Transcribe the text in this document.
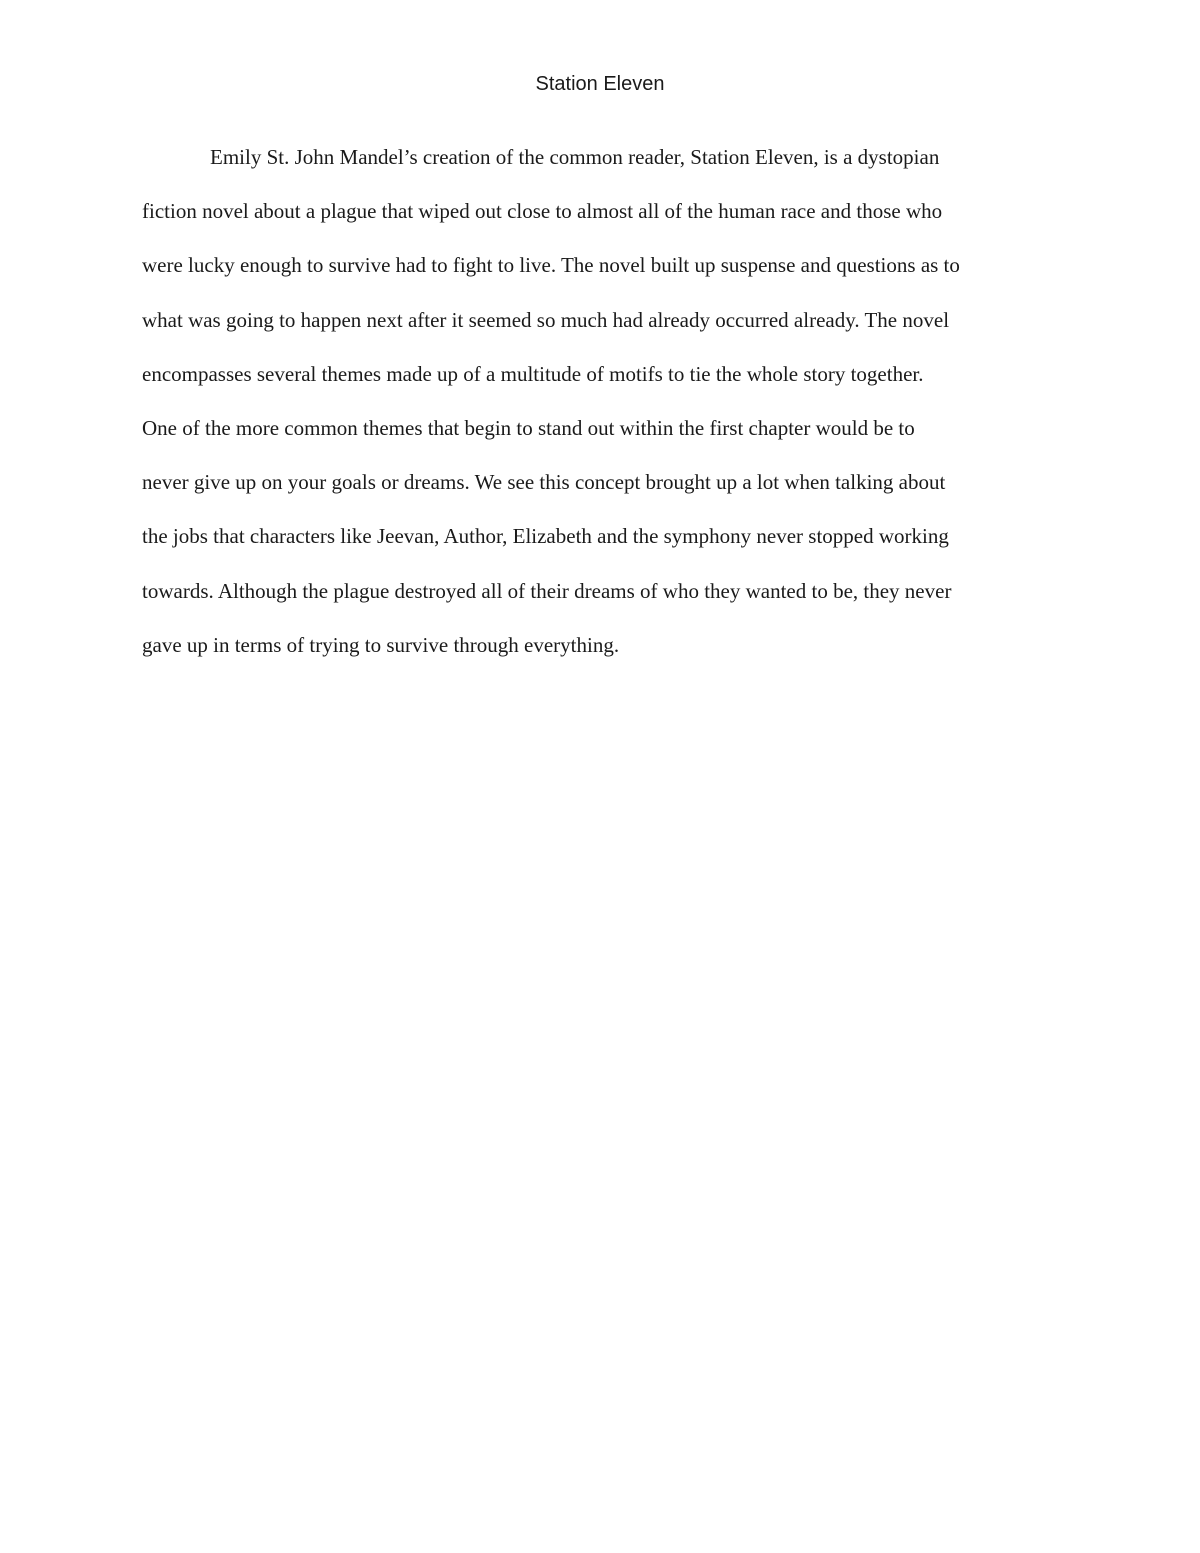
Station Eleven
Emily St. John Mandel’s creation of the common reader, Station Eleven, is a dystopian
fiction novel about a plague that wiped out close to almost all of the human race and those who
were lucky enough to survive had to fight to live. The novel built up suspense and questions as to
what was going to happen next after it seemed so much had already occurred already. The novel
encompasses several themes made up of a multitude of motifs to tie the whole story together.
One of the more common themes that begin to stand out within the first chapter would be to
never give up on your goals or dreams. We see this concept brought up a lot when talking about
the jobs that characters like Jeevan, Author, Elizabeth and the symphony never stopped working
towards. Although the plague destroyed all of their dreams of who they wanted to be, they never
gave up in terms of trying to survive through everything.
